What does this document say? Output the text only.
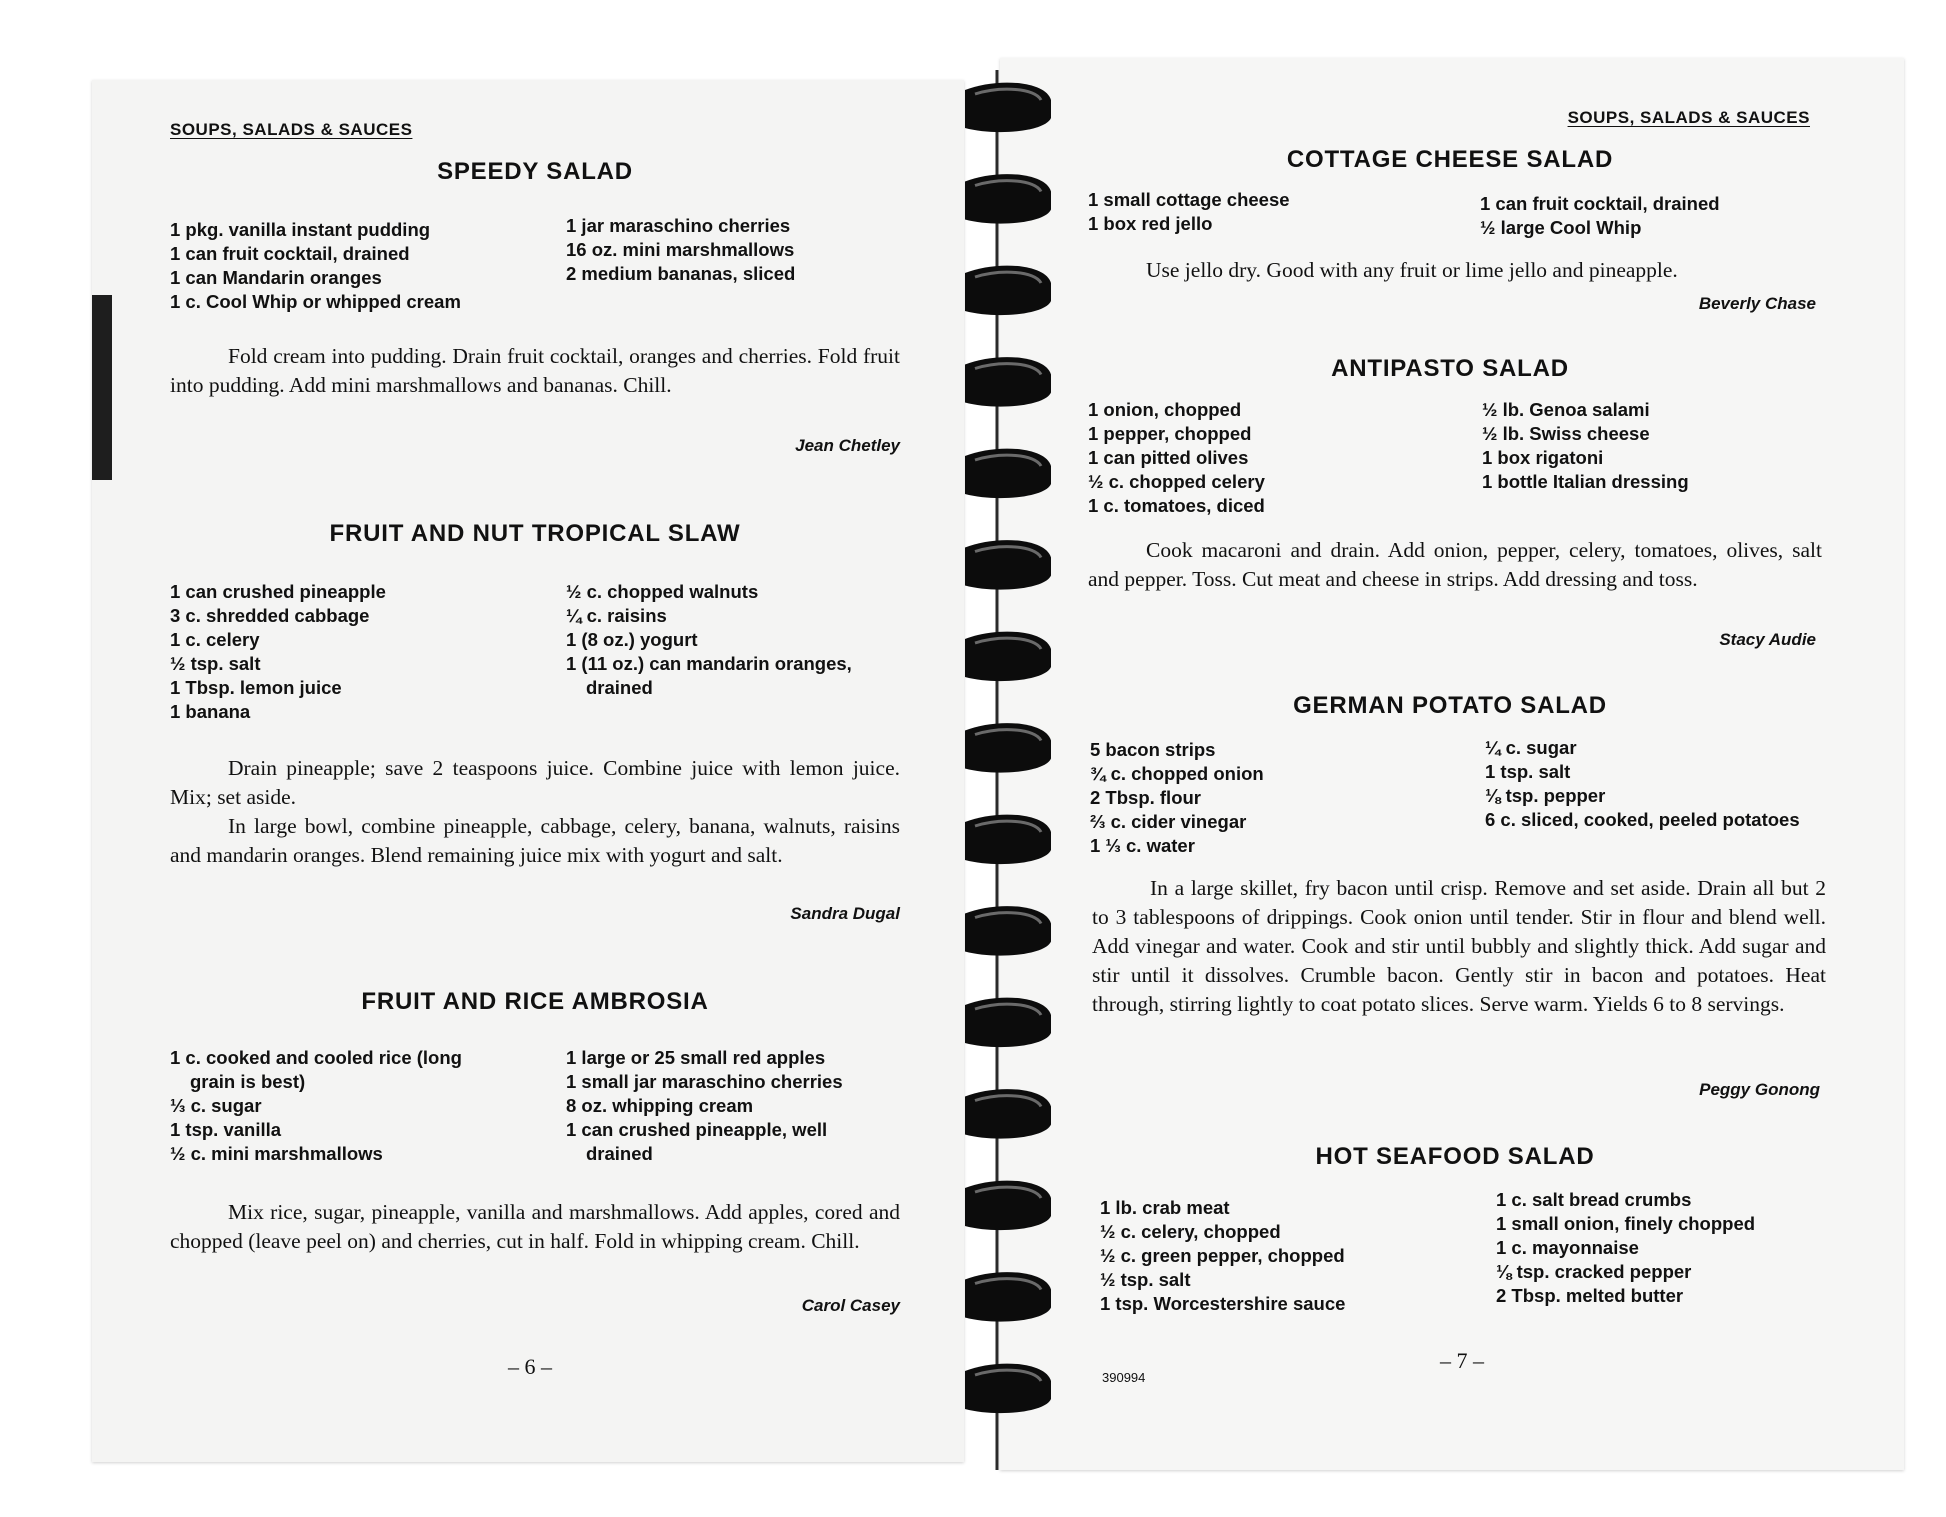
SOUPS, SALADS & SAUCES
SPEEDY SALAD
1 pkg. vanilla instant pudding
1 can fruit cocktail, drained
1 can Mandarin oranges
1 c. Cool Whip or whipped cream
1 jar maraschino cherries
16 oz. mini marshmallows
2 medium bananas, sliced

Fold cream into pudding. Drain fruit cocktail, oranges and cherries. Fold fruit into pudding. Add mini marshmallows and bananas. Chill.

Jean Chetley
FRUIT AND NUT TROPICAL SLAW
1 can crushed pineapple
3 c. shredded cabbage
1 c. celery
½ tsp. salt
1 Tbsp. lemon juice
1 banana
½ c. chopped walnuts
¼ c. raisins
1 (8 oz.) yogurt
1 (11 oz.) can mandarin oranges,
drained

Drain pineapple; save 2 teaspoons juice. Combine juice with lemon juice. Mix; set aside.

In large bowl, combine pineapple, cabbage, celery, banana, walnuts, raisins and mandarin oranges. Blend remaining juice mix with yogurt and salt.

Sandra Dugal
FRUIT AND RICE AMBROSIA
1 c. cooked and cooled rice (long
grain is best)
⅓ c. sugar
1 tsp. vanilla
½ c. mini marshmallows
1 large or 25 small red apples
1 small jar maraschino cherries
8 oz. whipping cream
1 can crushed pineapple, well
drained

Mix rice, sugar, pineapple, vanilla and marshmallows. Add apples, cored and chopped (leave peel on) and cherries, cut in half. Fold in whipping cream. Chill.

Carol Casey
– 6 –
SOUPS, SALADS & SAUCES
COTTAGE CHEESE SALAD
1 small cottage cheese
1 box red jello
1 can fruit cocktail, drained
½ large Cool Whip

Use jello dry. Good with any fruit or lime jello and pineapple.

Beverly Chase
ANTIPASTO SALAD
1 onion, chopped
1 pepper, chopped
1 can pitted olives
½ c. chopped celery
1 c. tomatoes, diced
½ lb. Genoa salami
½ lb. Swiss cheese
1 box rigatoni
1 bottle Italian dressing

Cook macaroni and drain. Add onion, pepper, celery, tomatoes, olives, salt and pepper. Toss. Cut meat and cheese in strips. Add dressing and toss.

Stacy Audie
GERMAN POTATO SALAD
5 bacon strips
¾ c. chopped onion
2 Tbsp. flour
⅔ c. cider vinegar
1 ⅓ c. water
¼ c. sugar
1 tsp. salt
⅛ tsp. pepper
6 c. sliced, cooked, peeled potatoes

In a large skillet, fry bacon until crisp. Remove and set aside. Drain all but 2 to 3 tablespoons of drippings. Cook onion until tender. Stir in flour and blend well. Add vinegar and water. Cook and stir until bubbly and slightly thick. Add sugar and stir until it dissolves. Crumble bacon. Gently stir in bacon and potatoes. Heat through, stirring lightly to coat potato slices. Serve warm. Yields 6 to 8 servings.

Peggy Gonong
HOT SEAFOOD SALAD
1 lb. crab meat
½ c. celery, chopped
½ c. green pepper, chopped
½ tsp. salt
1 tsp. Worcestershire sauce
1 c. salt bread crumbs
1 small onion, finely chopped
1 c. mayonnaise
⅛ tsp. cracked pepper
2 Tbsp. melted butter
390994
– 7 –
